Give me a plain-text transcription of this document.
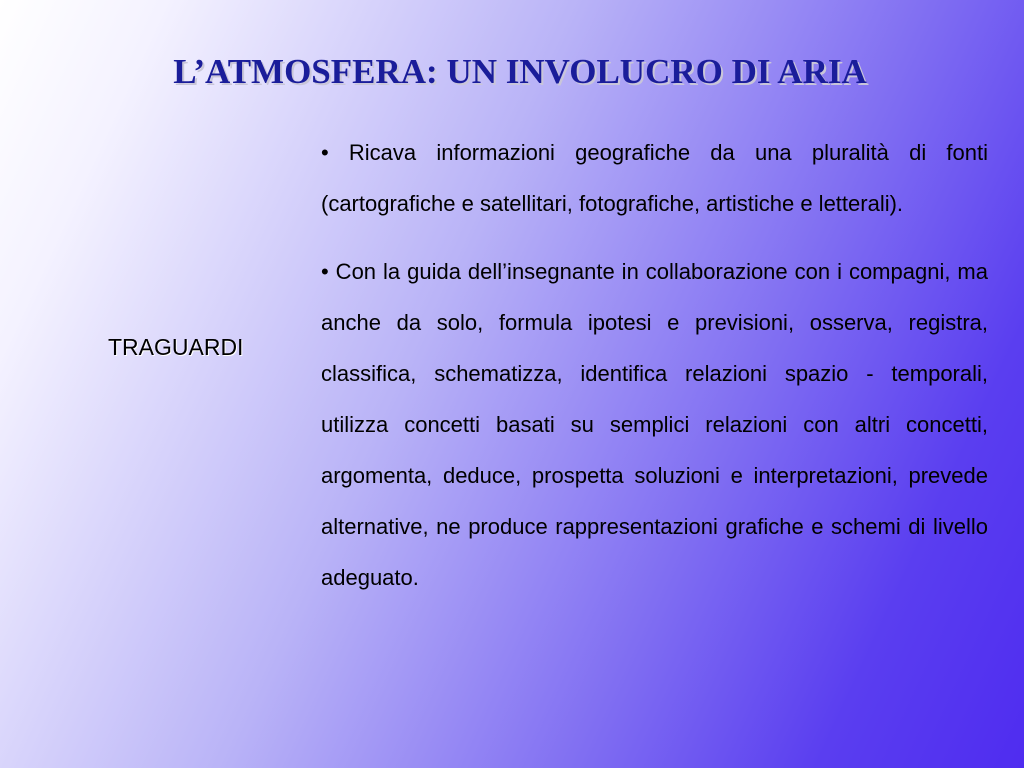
L’ATMOSFERA: UN INVOLUCRO DI ARIA
TRAGUARDI

• Ricava informazioni geografiche da una pluralità di fonti (cartografiche e satellitari, fotografiche, artistiche e letterali).

• Con la guida dell’insegnante in collaborazione con i compagni, ma anche da solo, formula ipotesi e previsioni, osserva, registra, classifica, schematizza, identifica relazioni spazio - temporali, utilizza concetti basati su semplici relazioni con altri concetti, argomenta, deduce, prospetta soluzioni e interpretazioni, prevede alternative, ne produce rappresentazioni grafiche e schemi di livello adeguato.
